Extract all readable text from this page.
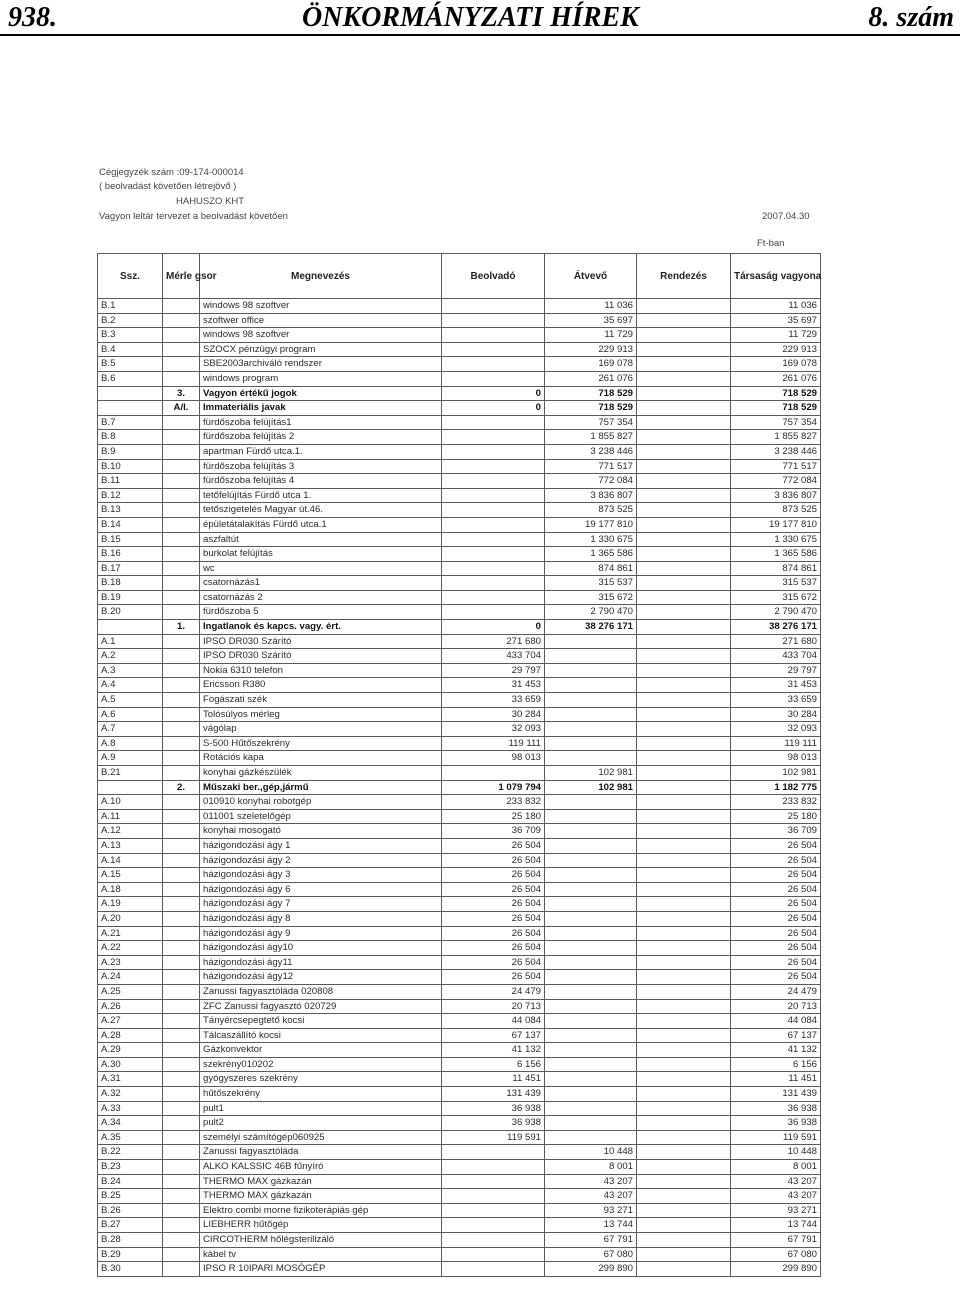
938.	ÖNKORMÁNYZATI HÍREK	8. szám
Cégjegyzék szám :09-174-000014
( beolvadást követően létrejövő )
HAHUSZO KHT
Vagyon leltár tervezet a beolvadást követően	2007.04.30
Ft-ban
Ssz.	Mérle gsor	Megnevezés	Beolvadó	Átvevő	Rendezés	Társaság vagyona
B.1		windows 98 szoftver		11 036		11 036
B.2		szoftwer office		35 697		35 697
B.3		windows 98 szoftver		11 729		11 729
B.4		SZOCX pénzügyi program		229 913		229 913
B.5		SBE2003archiváló rendszer		169 078		169 078
B.6		windows program		261 076		261 076
	3.	Vagyon értékű jogok	0	718 529		718 529
	A/I.	Immateriális javak	0	718 529		718 529
B.7		fürdőszoba felújítás1		757 354		757 354
B.8		fürdőszoba felújítás 2		1 855 827		1 855 827
B.9		apartman Fürdő utca.1.		3 238 446		3 238 446
B.10		fürdőszoba felújítás 3		771 517		771 517
B.11		fürdőszoba felújítás 4		772 084		772 084
B.12		tetőfelújítás Fürdő utca 1.		3 836 807		3 836 807
B.13		tetőszigetelés Magyar út.46.		873 525		873 525
B.14		épületátalakítás Fürdő utca.1		19 177 810		19 177 810
B.15		aszfaltút		1 330 675		1 330 675
B.16		burkolat felújítás		1 365 586		1 365 586
B.17		wc		874 861		874 861
B.18		csatornázás1		315 537		315 537
B.19		csatornázás 2		315 672		315 672
B.20		fürdőszoba 5		2 790 470		2 790 470
	1.	Ingatlanok és kapcs. vagy. ért.	0	38 276 171		38 276 171
A.1		IPSO DR030 Szárító	271 680			271 680
A.2		IPSO DR030 Szárító	433 704			433 704
A.3		Nokia 6310 telefon	29 797			29 797
A.4		Ericsson R380	31 453			31 453
A.5		Fogászati szék	33 659			33 659
A.6		Tolósúlyos mérleg	30 284			30 284
A.7		vágólap	32 093			32 093
A.8		S-500 Hűtőszekrény	119 111			119 111
A.9		Rotációs kapa	98 013			98 013
B.21		konyhai gázkészülék		102 981		102 981
	2.	Műszaki ber.,gép,jármű	1 079 794	102 981		1 182 775
A.10		010910 konyhai robotgép	233 832			233 832
A.11		011001 szeletelőgép	25 180			25 180
A.12		konyhai mosogató	36 709			36 709
A.13		házigondozási ágy 1	26 504			26 504
A.14		házigondozási ágy 2	26 504			26 504
A.15		házigondozási ágy 3	26 504			26 504
A.18		házigondozási ágy 6	26 504			26 504
A.19		házigondozási ágy 7	26 504			26 504
A.20		házigondozási ágy 8	26 504			26 504
A.21		házigondozási ágy 9	26 504			26 504
A.22		házigondozási ágy10	26 504			26 504
A.23		házigondozási ágy11	26 504			26 504
A.24		házigondozási ágy12	26 504			26 504
A.25		Zanussi fagyasztóláda 020808	24 479			24 479
A.26		ZFC Zanussi fagyasztó 020729	20 713			20 713
A.27		Tányércsepegtető kocsi	44 084			44 084
A.28		Tálcaszállító kocsi	67 137			67 137
A.29		Gázkonvektor	41 132			41 132
A.30		szekrény010202	6 156			6 156
A.31		gyógyszeres szekrény	11 451			11 451
A.32		hűtőszekrény	131 439			131 439
A.33		pult1	36 938			36 938
A.34		pult2	36 938			36 938
A.35		személyi számítógép060925	119 591			119 591
B.22		Zanussi fagyasztóláda		10 448		10 448
B.23		ALKO KALSSIC 46B fűnyíró		8 001		8 001
B.24		THERMO MAX gázkazán		43 207		43 207
B.25		THERMO MAX gázkazán		43 207		43 207
B.26		Elektro combi morne fizikoterápiás gép		93 271		93 271
B.27		LIEBHERR hűtőgép		13 744		13 744
B.28		CIRCOTHERM hőlégsterilizáló		67 791		67 791
B.29		kábel tv		67 080		67 080
B.30		IPSO R 10IPARI MOSÓGÉP		299 890		299 890
